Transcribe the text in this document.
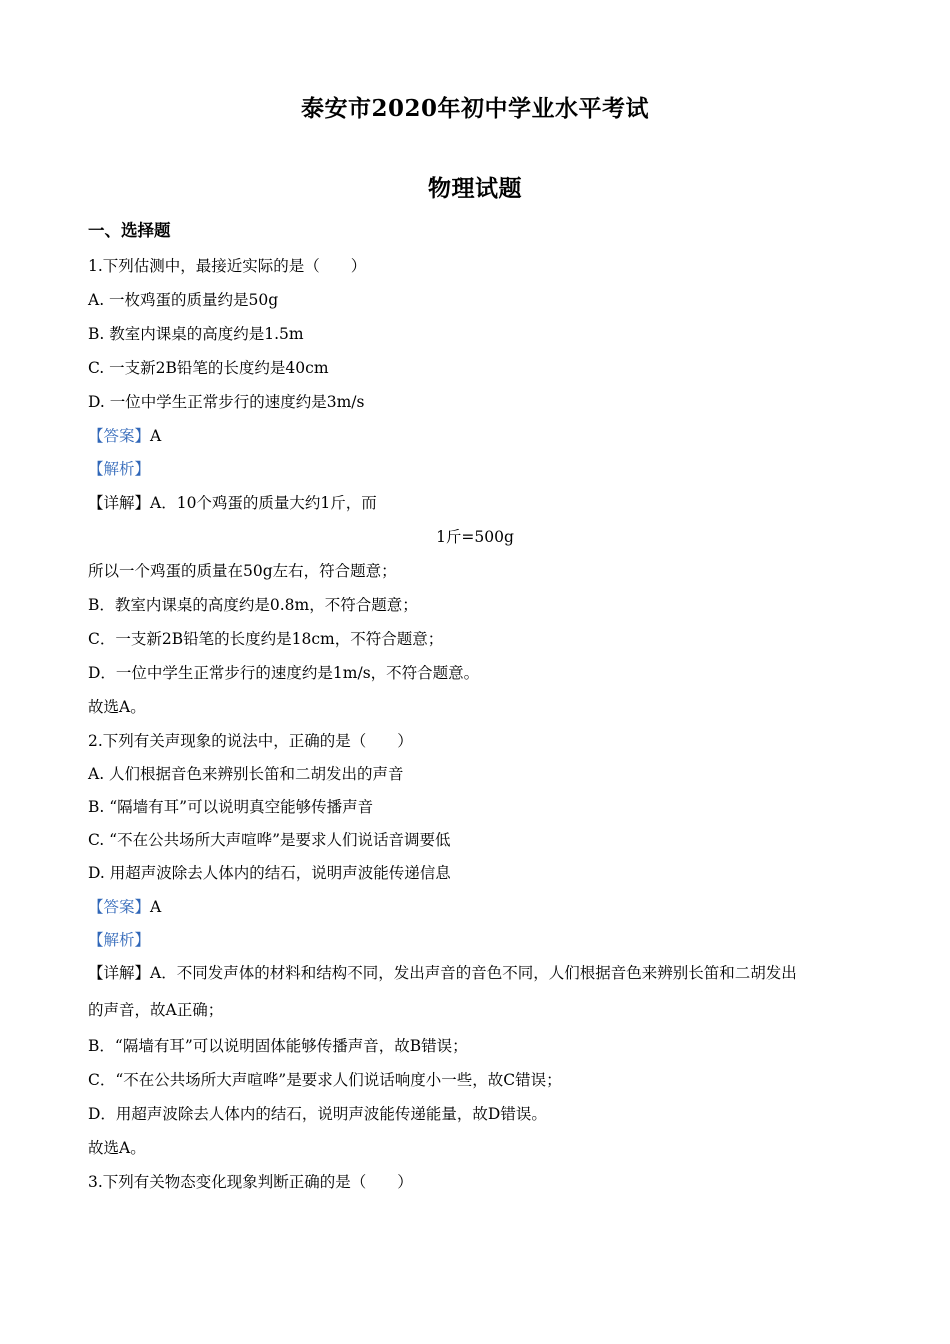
泰安市2020年初中学业水平考试
物理试题
一、选择题
1.下列估测中，最接近实际的是（　　）
A. 一枚鸡蛋的质量约是50g
B. 教室内课桌的高度约是1.5m
C. 一支新2B铅笔的长度约是40cm
D. 一位中学生正常步行的速度约是3m/s
【答案】A
【解析】
【详解】A．10个鸡蛋的质量大约1斤，而
1斤=500g
所以一个鸡蛋的质量在50g左右，符合题意；
B．教室内课桌的高度约是0.8m，不符合题意；
C．一支新2B铅笔的长度约是18cm，不符合题意；
D．一位中学生正常步行的速度约是1m/s，不符合题意。
故选A。
2.下列有关声现象的说法中，正确的是（　　）
A. 人们根据音色来辨别长笛和二胡发出的声音
B. “隔墙有耳”可以说明真空能够传播声音
C. “不在公共场所大声喧哗”是要求人们说话音调要低
D. 用超声波除去人体内的结石，说明声波能传递信息
【答案】A
【解析】
【详解】A．不同发声体的材料和结构不同，发出声音的音色不同，人们根据音色来辨别长笛和二胡发出
的声音，故A正确；
B．“隔墙有耳”可以说明固体能够传播声音，故B错误；
C．“不在公共场所大声喧哗”是要求人们说话响度小一些，故C错误；
D．用超声波除去人体内的结石，说明声波能传递能量，故D错误。
故选A。
3.下列有关物态变化现象判断正确的是（　　）
